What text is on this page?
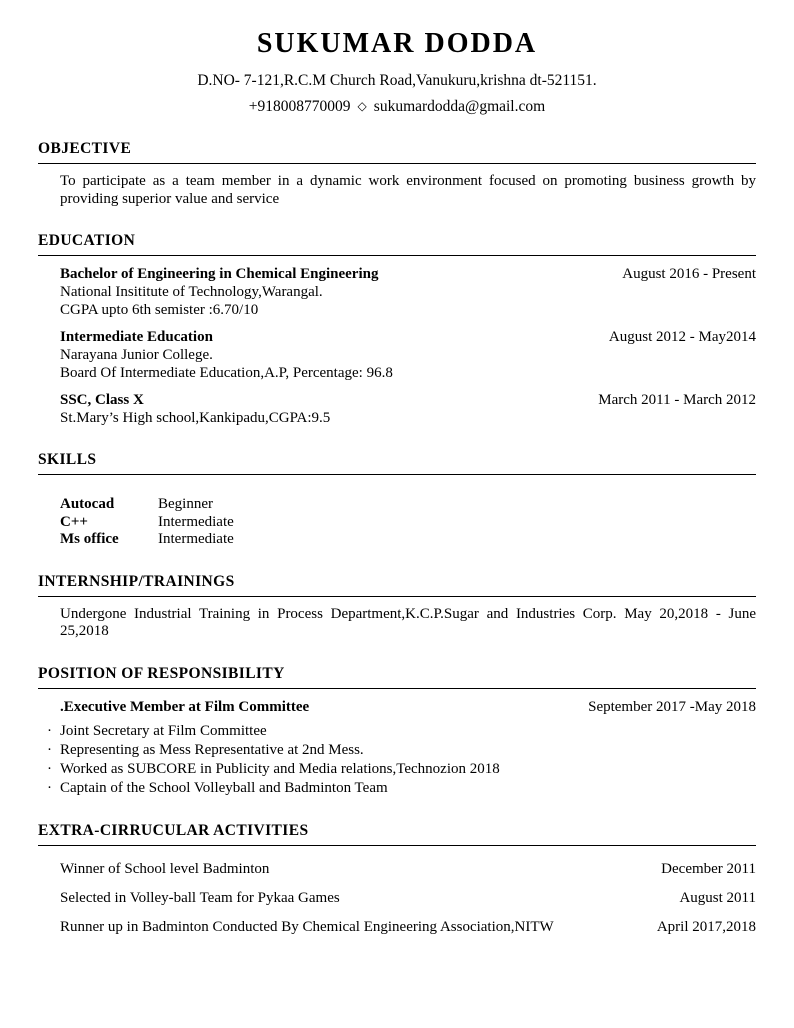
SUKUMAR DODDA
D.NO- 7-121,R.C.M Church Road,Vanukuru,krishna dt-521151.
+918008770009 ◇ sukumardodda@gmail.com
OBJECTIVE

To participate as a team member in a dynamic work environment focused on promoting business growth by providing superior value and service

EDUCATION
Bachelor of Engineering in Chemical Engineering	August 2016 - Present
National Insititute of Technology,Warangal.
CGPA upto 6th semister :6.70/10
Intermediate Education	August 2012 - May2014
Narayana Junior College.
Board Of Intermediate Education,A.P, Percentage: 96.8
SSC, Class X	March 2011 - March 2012
St.Mary’s High school,Kankipadu,CGPA:9.5
SKILLS
Autocad	Beginner
C++	Intermediate
Ms office	Intermediate
INTERNSHIP/TRAININGS

Undergone Industrial Training in Process Department,K.C.P.Sugar and Industries Corp. May 20,2018 - June 25,2018

POSITION OF RESPONSIBILITY
.Executive Member at Film Committee	September 2017 -May 2018
· Joint Secretary at Film Committee
· Representing as Mess Representative at 2nd Mess.
· Worked as SUBCORE in Publicity and Media relations,Technozion 2018
· Captain of the School Volleyball and Badminton Team
EXTRA-CIRRUCULAR ACTIVITIES
Winner of School level Badminton	December 2011
Selected in Volley-ball Team for Pykaa Games	August 2011
Runner up in Badminton Conducted By Chemical Engineering Association,NITW	April 2017,2018
